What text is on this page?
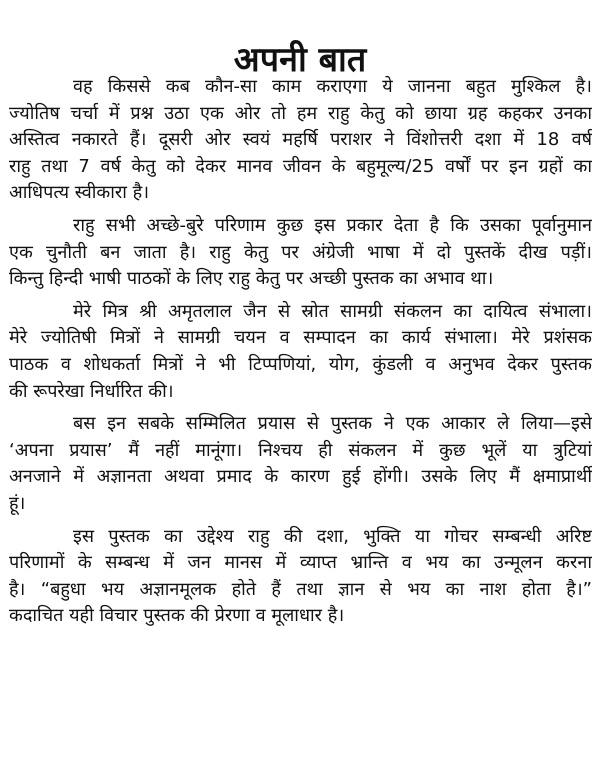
अपनी बात
वह किससे कब कौन-सा काम कराएगा ये जानना बहुत मुश्किल है।
ज्योतिष चर्चा में प्रश्न उठा एक ओर तो हम राहु केतु को छाया ग्रह कहकर उनका
अस्तित्व नकारते हैं। दूसरी ओर स्वयं महर्षि पराशर ने विंशोत्तरी दशा में 18 वर्ष
राहु तथा 7 वर्ष केतु को देकर मानव जीवन के बहुमूल्य/25 वर्षों पर इन ग्रहों का
आधिपत्य स्वीकारा है।
राहु सभी अच्छे-बुरे परिणाम कुछ इस प्रकार देता है कि उसका पूर्वानुमान
एक चुनौती बन जाता है। राहु केतु पर अंग्रेजी भाषा में दो पुस्तकें दीख पड़ीं।
किन्तु हिन्दी भाषी पाठकों के लिए राहु केतु पर अच्छी पुस्तक का अभाव था।
मेरे मित्र श्री अमृतलाल जैन से स्रोत सामग्री संकलन का दायित्व संभाला।
मेरे ज्योतिषी मित्रों ने सामग्री चयन व सम्पादन का कार्य संभाला। मेरे प्रशंसक
पाठक व शोधकर्ता मित्रों ने भी टिप्पणियां, योग, कुंडली व अनुभव देकर पुस्तक
की रूपरेखा निर्धारित की।
बस इन सबके सम्मिलित प्रयास से पुस्तक ने एक आकार ले लिया—इसे
‘अपना प्रयास’ मैं नहीं मानूंगा। निश्चय ही संकलन में कुछ भूलें या त्रुटियां
अनजाने में अज्ञानता अथवा प्रमाद के कारण हुई होंगी। उसके लिए मैं क्षमाप्रार्थी
हूं।
इस पुस्तक का उद्देश्य राहु की दशा, भुक्ति या गोचर सम्बन्धी अरिष्ट
परिणामों के सम्बन्ध में जन मानस में व्याप्त भ्रान्ति व भय का उन्मूलन करना
है। “बहुधा भय अज्ञानमूलक होते हैं तथा ज्ञान से भय का नाश होता है।”
कदाचित यही विचार पुस्तक की प्रेरणा व मूलाधार है।
